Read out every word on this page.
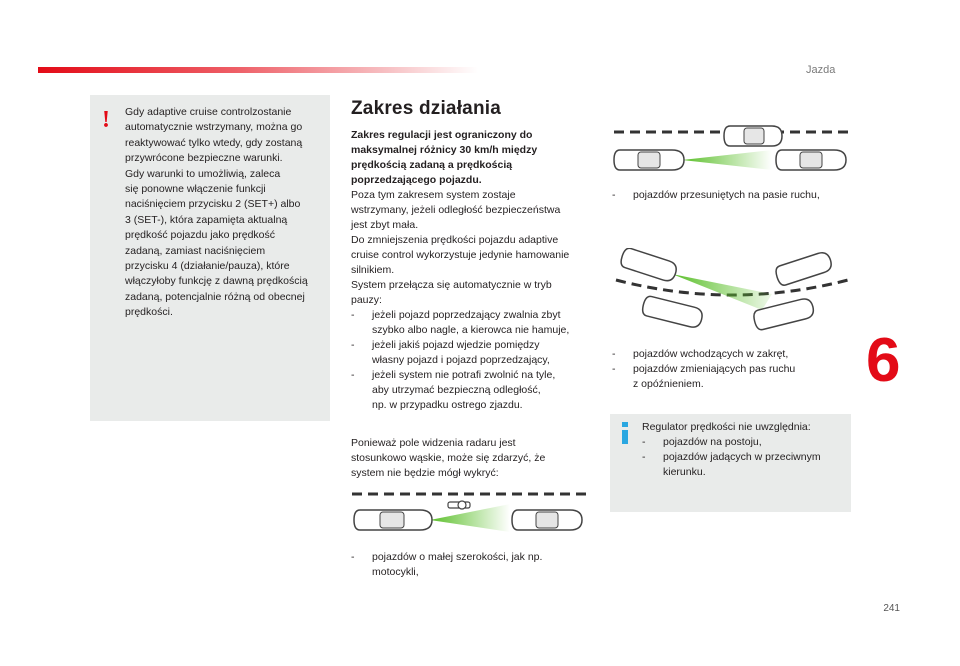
Jazda
6
241
! Gdy adaptive cruise controlzostanie
automatycznie wstrzymany, można go
reaktywować tylko wtedy, gdy zostaną
przywrócone bezpieczne warunki.
Gdy warunki to umożliwią, zaleca
się ponowne włączenie funkcji
naciśnięciem przycisku 2 (SET+) albo
3 (SET-), która zapamięta aktualną
prędkość pojazdu jako prędkość
zadaną, zamiast naciśnięciem
przycisku 4 (działanie/pauza), które
włączyłoby funkcję z dawną prędkością
zadaną, potencjalnie różną od obecnej
prędkości.
Zakres działania
Zakres regulacji jest ograniczony do
maksymalnej różnicy 30 km/h między
prędkością zadaną a prędkością
poprzedzającego pojazdu.
Poza tym zakresem system zostaje
wstrzymany, jeżeli odległość bezpieczeństwa
jest zbyt mała.
Do zmniejszenia prędkości pojazdu adaptive
cruise control wykorzystuje jedynie hamowanie
silnikiem.
System przełącza się automatycznie w tryb
pauzy:
-	jeżeli pojazd poprzedzający zwalnia zbyt
szybko albo nagle, a kierowca nie hamuje,
-	jeżeli jakiś pojazd wjedzie pomiędzy
własny pojazd i pojazd poprzedzający,
-	jeżeli system nie potrafi zwolnić na tyle,
aby utrzymać bezpieczną odległość,
np. w przypadku ostrego zjazdu.
Ponieważ pole widzenia radaru jest
stosunkowo wąskie, może się zdarzyć, że
system nie będzie mógł wykryć:
-	pojazdów o małej szerokości, jak np.
motocykli,
-	pojazdów przesuniętych na pasie ruchu,
-	pojazdów wchodzących w zakręt,
-	pojazdów zmieniających pas ruchu
z opóźnieniem.
Regulator prędkości nie uwzględnia:
-	pojazdów na postoju,
-	pojazdów jadących w przeciwnym
kierunku.
